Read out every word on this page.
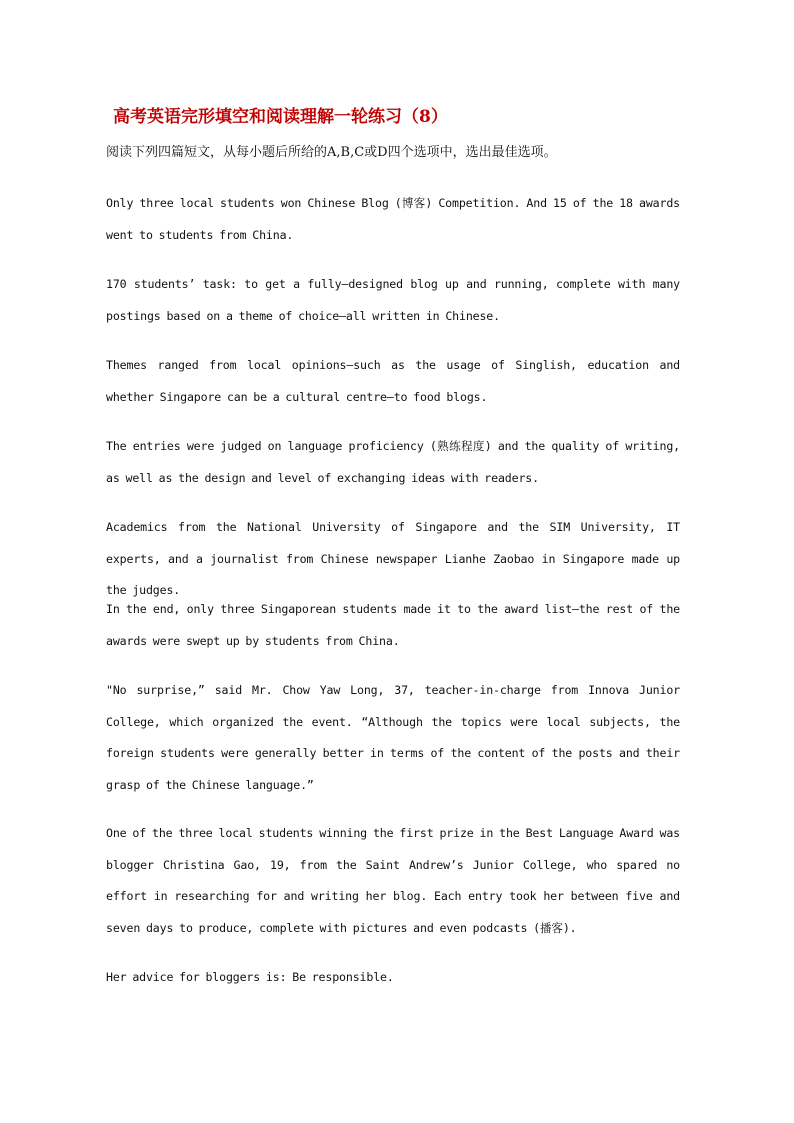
高考英语完形填空和阅读理解一轮练习（8）
阅读下列四篇短文，从每小题后所给的A,B,C或D四个选项中，选出最佳选项。

Only three local students won Chinese Blog (博客) Competition. And 15 of the 18 awards went to students from China.

170 students’ task: to get a fully—designed blog up and running, complete with many postings based on a theme of choice—all written in Chinese.

Themes ranged from local opinions—such as the usage of Singlish, education and whether Singapore can be a cultural centre—to food blogs.

The entries were judged on language proficiency (熟练程度) and the quality of writing, as well as the design and level of exchanging ideas with readers.

Academics from the National University of Singapore and the SIM University, IT experts, and a journalist from Chinese newspaper Lianhe Zaobao in Singapore made up the judges.

In the end, only three Singaporean students made it to the award list—the rest of the awards were swept up by students from China.

"No surprise,” said Mr. Chow Yaw Long, 37, teacher-in-charge from Innova Junior College, which organized the event. “Although the topics were local subjects, the foreign students were generally better in terms of the content of the posts and their grasp of the Chinese language.”

One of the three local students winning the first prize in the Best Language Award was blogger Christina Gao, 19, from the Saint Andrew’s Junior College, who spared no effort in researching for and writing her blog. Each entry took her between five and seven days to produce, complete with pictures and even podcasts (播客).

Her advice for bloggers is: Be responsible.
